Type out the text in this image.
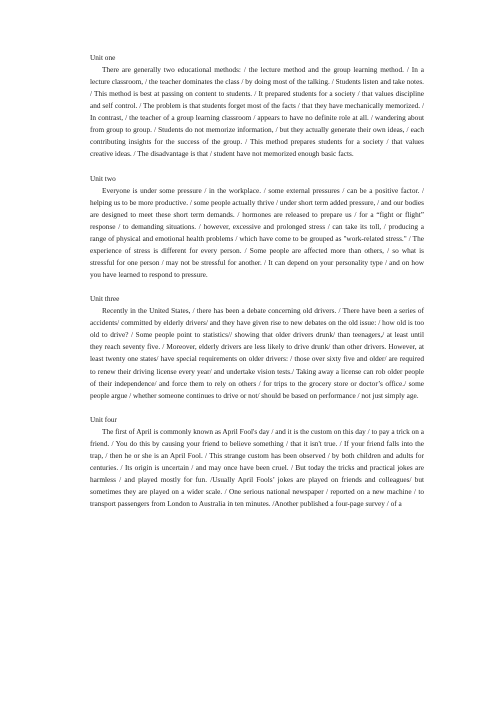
Unit one

There are generally two educational methods: / the lecture method and the group learning method. / In a lecture classroom, / the teacher dominates the class / by doing most of the talking. / Students listen and take notes. / This method is best at passing on content to students. / It prepared students for a society / that values discipline and self control. / The problem is that students forget most of the facts / that they have mechanically memorized. / In contrast, / the teacher of a group learning classroom / appears to have no definite role at all. / wandering about from group to group. / Students do not memorize information, / but they actually generate their own ideas, / each contributing insights for the success of the group. / This method prepares students for a society / that values creative ideas. / The disadvantage is that / student have not memorized enough basic facts.

Unit two

Everyone is under some pressure / in the workplace. / some external pressures / can be a positive factor. / helping us to be more productive. / some people actually thrive / under short term added pressure, / and our bodies are designed to meet these short term demands. / hormones are released to prepare us / for a “fight or flight” response / to demanding situations. / however, excessive and prolonged stress / can take its toll, / producing a range of physical and emotional health problems / which have come to be grouped as "work-related stress." / The experience of stress is different for every person. / Some people are affected more than others, / so what is stressful for one person / may not be stressful for another. / It can depend on your personality type / and on how you have learned to respond to pressure.

Unit three

Recently in the United States, / there has been a debate concerning old drivers. / There have been a series of accidents/ committed by elderly drivers/ and they have given rise to new debates on the old issue: / how old is too old to drive? / Some people point to statistics// showing that older drivers drunk/ than teenagers,/ at least until they reach seventy five. / Moreover, elderly drivers are less likely to drive drunk/ than other drivers. However, at least twenty one states/ have special requirements on older drivers: / those over sixty five and older/ are required to renew their driving license every year/ and undertake vision tests./ Taking away a license can rob older people of their independence/ and force them to rely on others / for trips to the grocery store or doctor’s office./ some people argue / whether someone continues to drive or not/ should be based on performance / not just simply age.

Unit four

The first of April is commonly known as April Fool's day / and it is the custom on this day / to pay a trick on a friend. / You do this by causing your friend to believe something / that it isn't true. / If your friend falls into the trap, / then he or she is an April Fool. / This strange custom has been observed / by both children and adults for centuries. / Its origin is uncertain / and may once have been cruel. / But today the tricks and practical jokes are harmless / and played mostly for fun. /Usually April Fools’ jokes are played on friends and colleagues/ but sometimes they are played on a wider scale. / One serious national newspaper / reported on a new machine / to transport passengers from London to Australia in ten minutes. /Another published a four-page survey / of a
